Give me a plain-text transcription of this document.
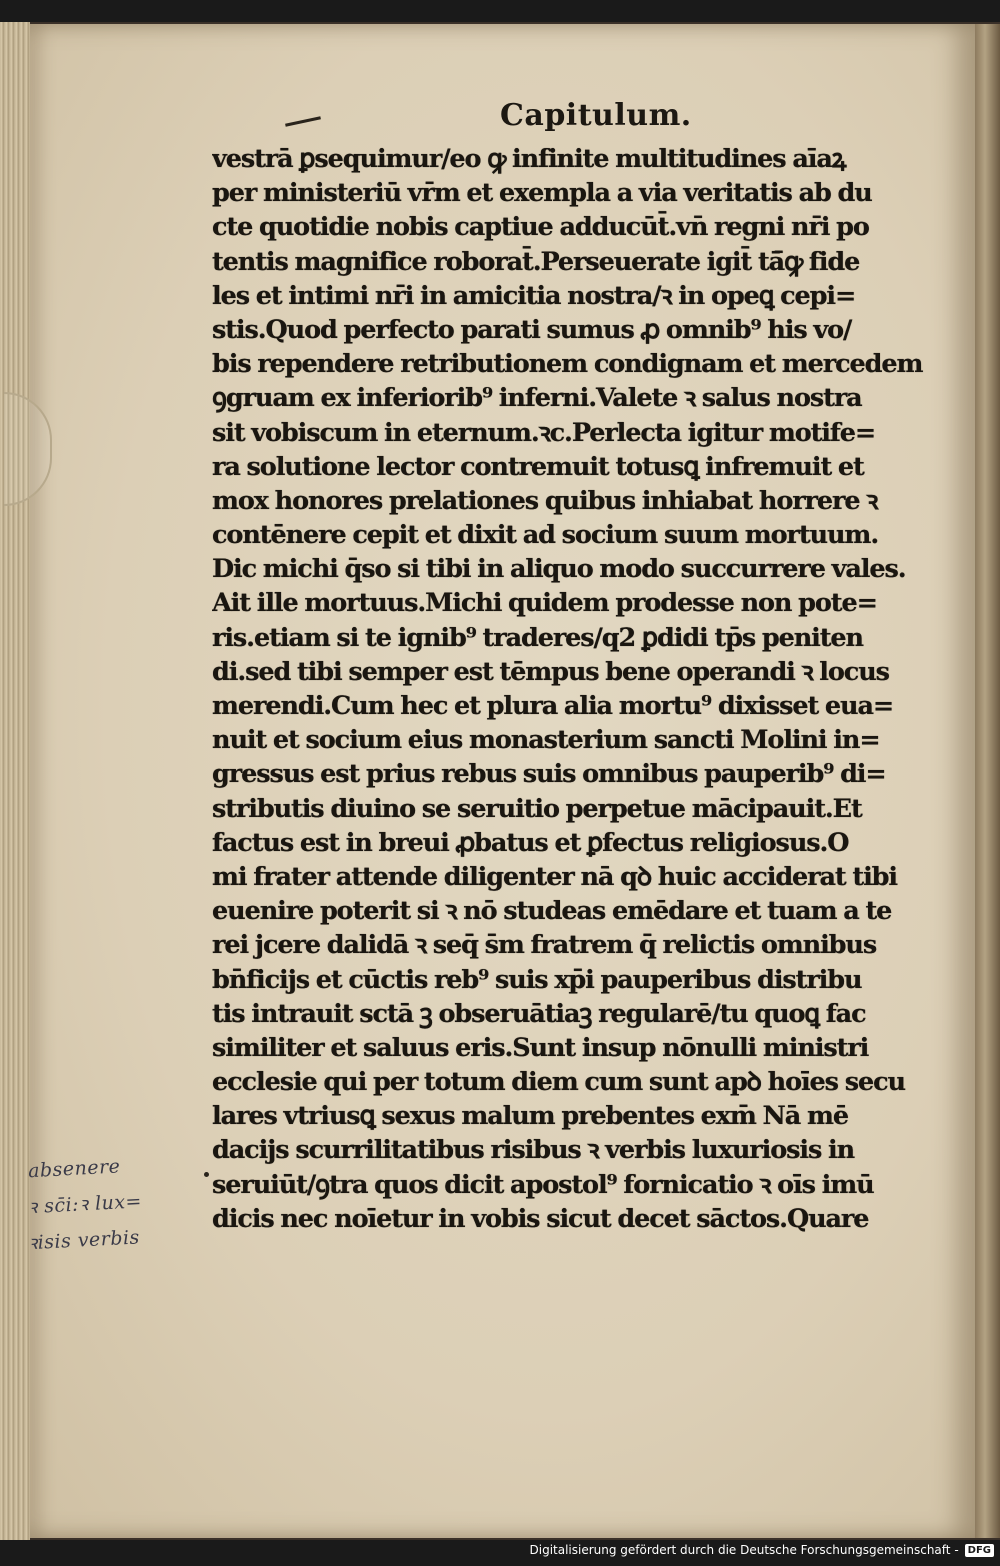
Capitulum.
vestrā ꝑsequimur/eo ꝙ infinite multitudines aīaꝝ
per ministeriū vr̄m et exempla a via veritatis ab du
cte quotidie nobis captiue adducūt̄.vn̄ regni nr̄i po
tentis magnifice roborat̄.Perseuerate igit̄ tā̄ꝙ fide
les et intimi nr̄i in amicitia nostra/ꝛ in opeꝗ cepi=
stis.Quod perfecto parati sumus ꝓ omnib⁹ his vo/
bis rependere retributionem condignam et mercedem
ꝯgruam ex inferiorib⁹ inferni.Valete ꝛ salus nostra
sit vobiscum in eternum.ꝛc.Perlecta igitur motife=
ra solutione lector contremuit totusꝗ infremuit et
mox honores prelationes quibus inhiabat horrere ꝛ
contēnere cepit et dixit ad socium suum mortuum.
Dic michi q̄so si tibi in aliquo modo succurrere vales.
Ait ille mortuus.Michi quidem prodesse non pote=
ris.etiam si te ignib⁹ traderes/q2 ꝑdidi tp̄s peniten
di.sed tibi semper est tēmpus bene operandi ꝛ locus
merendi.Cum hec et plura alia mortu⁹ dixisset eua=
nuit et socium eius monasterium sancti Molini in=
gressus est prius rebus suis omnibus pauperib⁹ di=
stributis diuino se seruitio perpetue mācipauit.Et
factus est in breui ꝓbatus et ꝑfectus religiosus.O
mi frater attende diligenter nā qꝺ huic acciderat tibi
euenire poterit si ꝛ nō studeas emēdare et tuam a te
rei jcere dalidā ꝛ seq̄ s̄m fratrem q̄ relictis omnibus
bn̄ficijs et cūctis reb⁹ suis xp̄i pauperibus distribu
tis intrauit sctā ꝫ obseruātiaꝫ regularē/tu quoꝗ fac
similiter et saluus eris.Sunt insup nōnulli ministri
ecclesie qui per totum diem cum sunt apꝺ hoīes secu
lares vtriusꝗ sexus malum prebentes exm̄ Nā mē
dacijs scurrilitatibus risibus ꝛ verbis luxuriosis in
seruiūt/ꝯtra quos dicit apostol⁹ fornicatio ꝛ oīs imū
dicis nec noīetur in vobis sicut decet sāctos.Quare
absenere
ꝛ sc̄i:ꝛ lux=
ꝛisis verbis
Digitalisierung gefördert durch die Deutsche Forschungsgemeinschaft - DFG
